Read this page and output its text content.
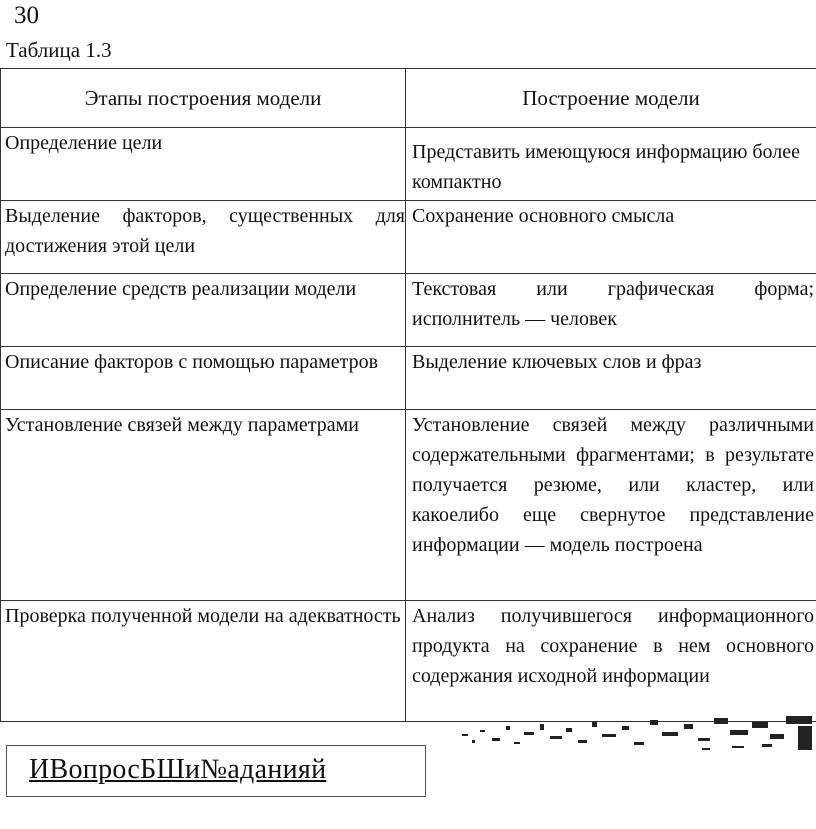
30
Таблица 1.3
Этапы построения модели	Построение модели
Определение цели	Представить имеющуюся информацию более компактно
Выделение факторов, существенных для достижения этой цели	Сохранение основного смысла
Определение средств реализации модели	Текстовая или графическая форма; исполнитель — человек
Описание факторов с помощью параметров	Выделение ключевых слов и фраз
Установление связей между параметрами	Установление связей между различными содержательными фрагментами; в результате получается резюме, или кластер, или какоелибо еще свернутое представление информации — модель построена
Проверка полученной модели на адекватность	Анализ получившегося информационного продукта на сохранение в нем основного содержания исходной информации
ИВопросБШи№аданияй
